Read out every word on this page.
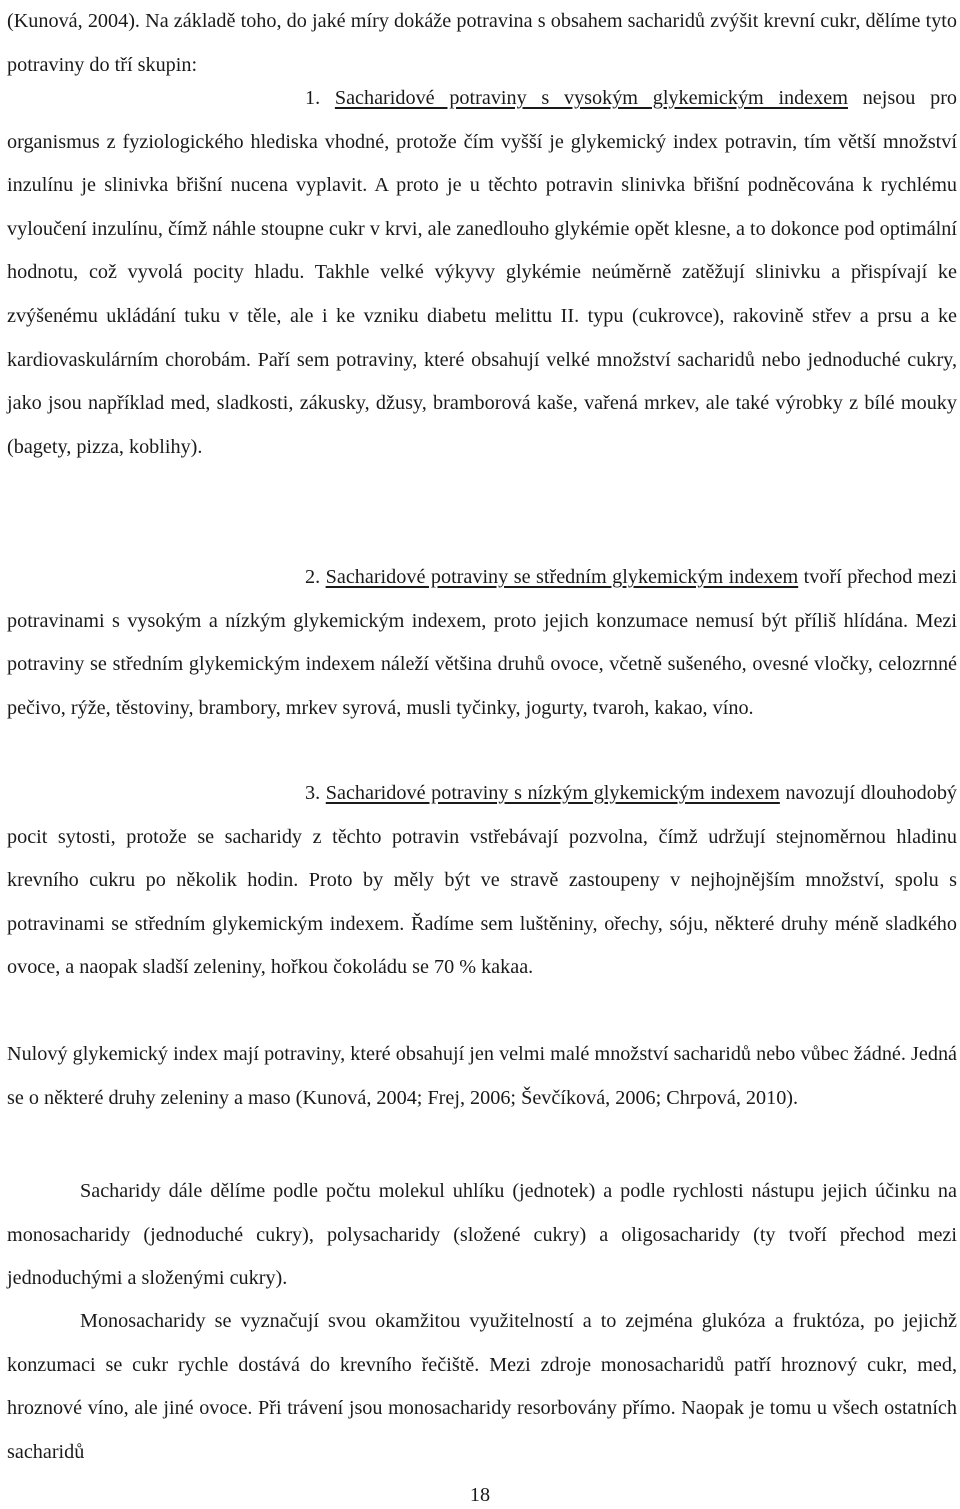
(Kunová, 2004). Na základě toho, do jaké míry dokáže potravina s obsahem sacharidů zvýšit krevní cukr, dělíme tyto potraviny do tří skupin:

1. Sacharidové potraviny s vysokým glykemickým indexem nejsou pro organismus z fyziologického hlediska vhodné, protože čím vyšší je glykemický index potravin, tím větší množství inzulínu je slinivka břišní nucena vyplavit. A proto je u těchto potravin slinivka břišní podněcována k rychlému vyloučení inzulínu, čímž náhle stoupne cukr v krvi, ale zanedlouho glykémie opět klesne, a to dokonce pod optimální hodnotu, což vyvolá pocity hladu. Takhle velké výkyvy glykémie neúměrně zatěžují slinivku a přispívají ke zvýšenému ukládání tuku v těle, ale i ke vzniku diabetu melittu II. typu (cukrovce), rakovině střev a prsu a ke kardiovaskulárním chorobám. Paří sem potraviny, které obsahují velké množství sacharidů nebo jednoduché cukry, jako jsou například med, sladkosti, zákusky, džusy, bramborová kaše, vařená mrkev, ale také výrobky z bílé mouky (bagety, pizza, koblihy).

2. Sacharidové potraviny se středním glykemickým indexem tvoří přechod mezi potravinami s vysokým a nízkým glykemickým indexem, proto jejich konzumace nemusí být příliš hlídána. Mezi potraviny se středním glykemickým indexem náleží většina druhů ovoce, včetně sušeného, ovesné vločky, celozrnné pečivo, rýže, těstoviny, brambory, mrkev syrová, musli tyčinky, jogurty, tvaroh, kakao, víno.

3. Sacharidové potraviny s nízkým glykemickým indexem navozují dlouhodobý pocit sytosti, protože se sacharidy z těchto potravin vstřebávají pozvolna, čímž udržují stejnoměrnou hladinu krevního cukru po několik hodin. Proto by měly být ve stravě zastoupeny v nejhojnějším množství, spolu s potravinami se středním glykemickým indexem. Řadíme sem luštěniny, ořechy, sóju, některé druhy méně sladkého ovoce, a naopak sladší zeleniny, hořkou čokoládu se 70 % kakaa.

Nulový glykemický index mají potraviny, které obsahují jen velmi malé množství sacharidů nebo vůbec žádné. Jedná se o některé druhy zeleniny a maso (Kunová, 2004; Frej, 2006; Ševčíková, 2006; Chrpová, 2010).

Sacharidy dále dělíme podle počtu molekul uhlíku (jednotek) a podle rychlosti nástupu jejich účinku na monosacharidy (jednoduché cukry), polysacharidy (složené cukry) a oligosacharidy (ty tvoří přechod mezi jednoduchými a složenými cukry).

Monosacharidy se vyznačují svou okamžitou využitelností a to zejména glukóza a fruktóza, po jejichž konzumaci se cukr rychle dostává do krevního řečiště. Mezi zdroje monosacharidů patří hroznový cukr, med, hroznové víno, ale jiné ovoce. Při trávení jsou monosacharidy resorbovány přímo. Naopak je tomu u všech ostatních sacharidů

18
